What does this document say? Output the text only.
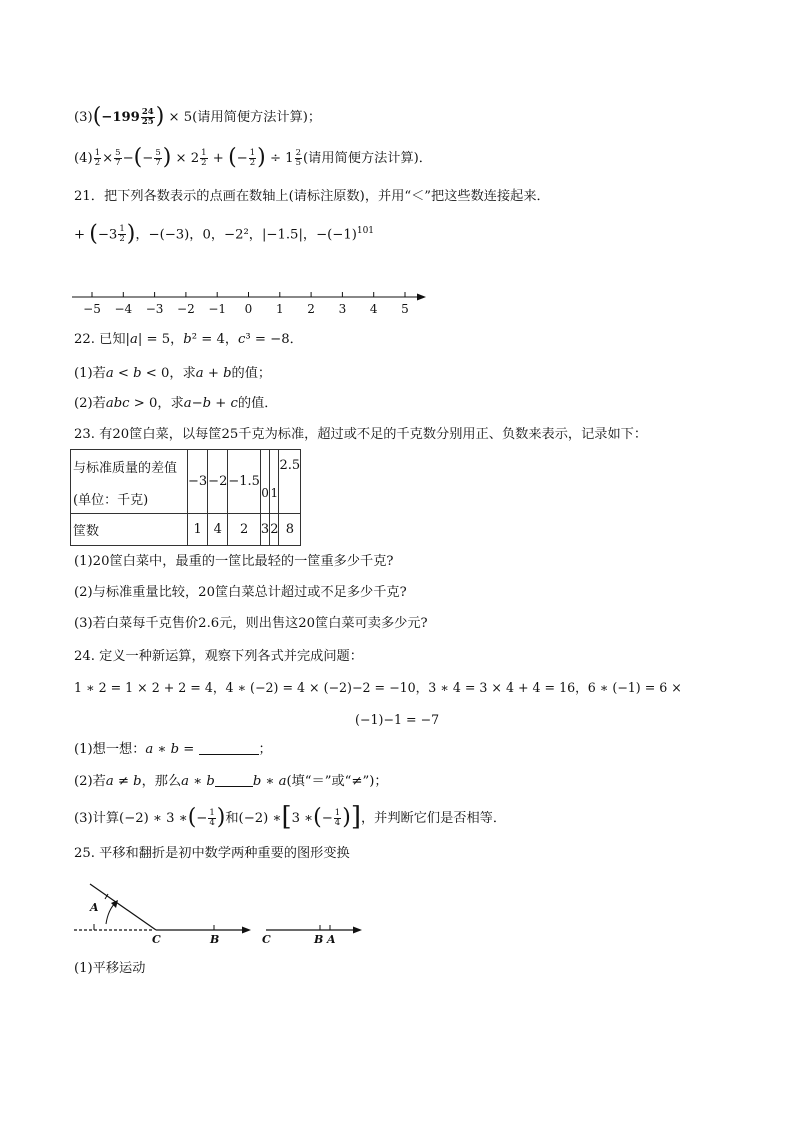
$(3)(-199 \frac{24}{25}$ ) × 5(请用简便方法计算)；
$(4) \frac{1}{2} \times \frac{5}{7}$ −(− $\frac{5}{7}$ ) × $2 \frac{1}{2}$ + (− $\frac{1}{2}$ ) ÷ $1 \frac{2}{5}$ (请用简便方法计算)．
21．把下列各数表示的点画在数轴上(请标注原数)，并用“＜”把这些数连接起来．
+ ($-3 \frac{1}{2}$ )，−(−3)，0，−2²，|−1.5|，$-(-1)^{101}$
−5 −4 −3 −2 −1 0 1 2 3 4 5
22. 已知|𝑎| = 5，𝑏² = 4，𝑐³ = −8．
(1)若𝑎 < 𝑏 < 0，求𝑎 + 𝑏的值；
(2)若𝑎𝑏𝑐 > 0，求𝑎−𝑏 + 𝑐的值．
23. 有20筐白菜，以每筐25千克为标准，超过或不足的千克数分别用正、负数来表示，记录如下：
与标准质量的差值	−3	−2	−1.5	0	1	2.5
(单位：千克)						
筐数	1	4	2	3	2	8
(1)20筐白菜中，最重的一筐比最轻的一筐重多少千克?
(2)与标准重量比较，20筐白菜总计超过或不足多少千克?
(3)若白菜每千克售价2.6元，则出售这20筐白菜可卖多少元?
24. 定义一种新运算，观察下列各式并完成问题：
1 ∗ 2 = 1 × 2 + 2 = 4，4 ∗ (−2) = 4 × (−2)−2 = −10，3 ∗ 4 = 3 × 4 + 4 = 16，6 ∗ (−1) = 6 ×
(−1)−1 = −7
(1)想一想：𝑎 ∗ 𝑏 =	；
(2)若𝑎 ≠ 𝑏，那么𝑎 ∗ 𝑏	𝑏 ∗ 𝑎(填“＝”或“≠”)；
(3)计算(−2) ∗ 3 ∗(− $\frac{1}{4}$ )和(−2) ∗[3 ∗(− $\frac{1}{4}$ )]，并判断它们是否相等．
25. 平移和翻折是初中数学两种重要的图形变换
A
C	B	C	B A
(1)平移运动
